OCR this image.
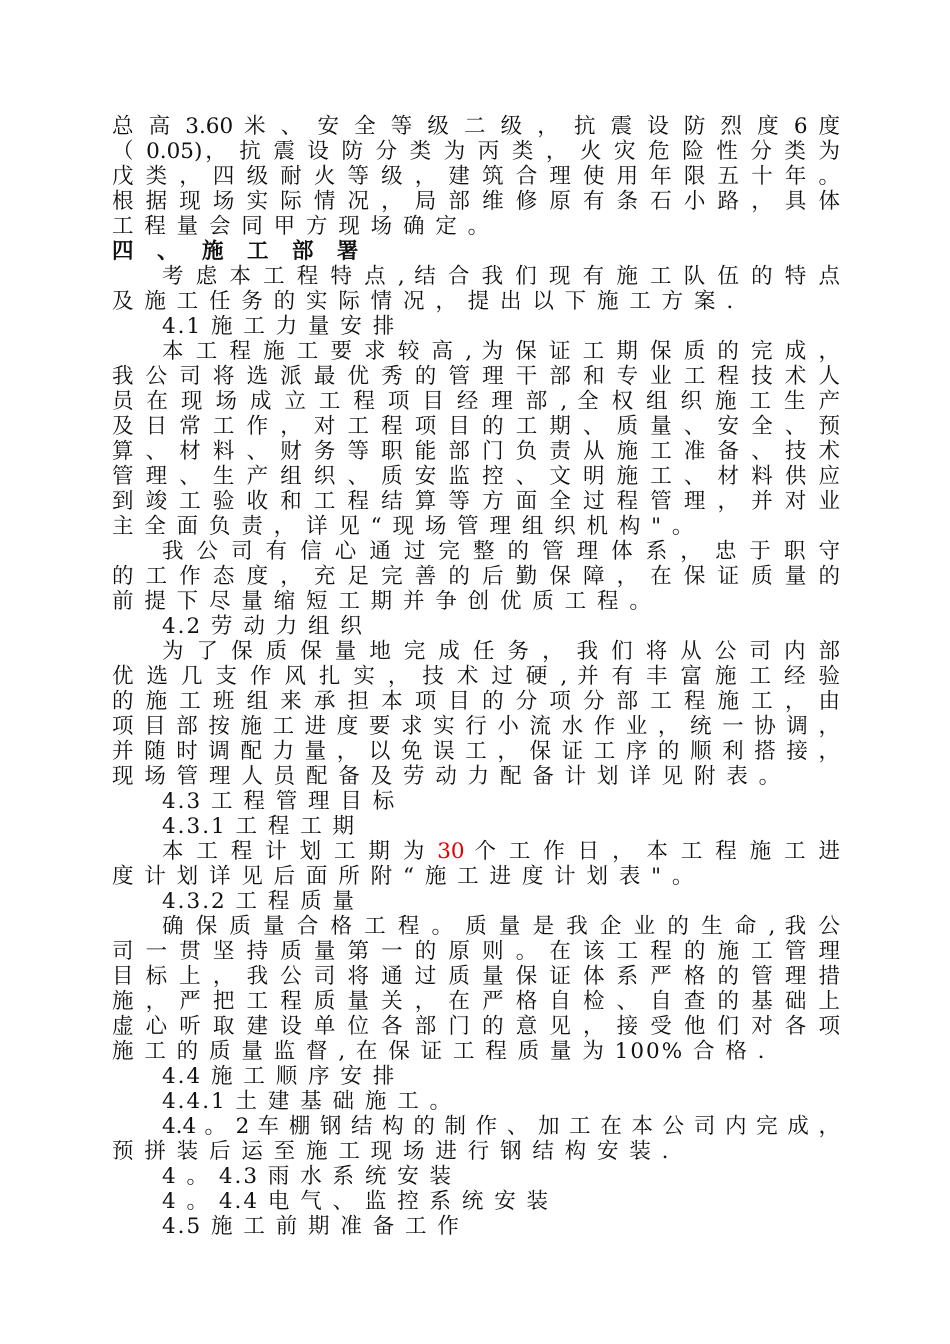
总 高 3.60 米 、 安 全 等 级 二 级 ， 抗 震 设 防 烈 度 6 度
（ 0.05)， 抗 震 设 防 分 类 为 丙 类 ， 火 灾 危 险 性 分 类 为
戊 类 ， 四 级 耐 火 等 级 ， 建 筑 合 理 使 用 年 限 五 十 年 。
根 据 现 场 实 际 情 况 ， 局 部 维 修 原 有 条 石 小 路 ， 具 体
工 程 量 会 同 甲 方 现 场 确 定 。
四 、 施 工 部 署
考 虑 本 工 程 特 点 , 结 合 我 们 现 有 施 工 队 伍 的 特 点
及 施 工 任 务 的 实 际 情 况 ， 提 出 以 下 施 工 方 案 .
4.1 施 工 力 量 安 排
本 工 程 施 工 要 求 较 高 , 为 保 证 工 期 保 质 的 完 成 ，
我 公 司 将 选 派 最 优 秀 的 管 理 干 部 和 专 业 工 程 技 术 人
员 在 现 场 成 立 工 程 项 目 经 理 部 , 全 权 组 织 施 工 生 产
及 日 常 工 作 ， 对 工 程 项 目 的 工 期 、 质 量 、 安 全 、 预
算 、 材 料 、 财 务 等 职 能 部 门 负 责 从 施 工 准 备 、 技 术
管 理 、 生 产 组 织 、 质 安 监 控 、 文 明 施 工 、 材 料 供 应
到 竣 工 验 收 和 工 程 结 算 等 方 面 全 过 程 管 理 ， 并 对 业
主 全 面 负 责 ， 详 见 “ 现 场 管 理 组 织 机 构 " 。
我 公 司 有 信 心 通 过 完 整 的 管 理 体 系 ， 忠 于 职 守
的 工 作 态 度 ， 充 足 完 善 的 后 勤 保 障 ， 在 保 证 质 量 的
前 提 下 尽 量 缩 短 工 期 并 争 创 优 质 工 程 。
4.2 劳 动 力 组 织
为 了 保 质 保 量 地 完 成 任 务 ， 我 们 将 从 公 司 内 部
优 选 几 支 作 风 扎 实 ， 技 术 过 硬 , 并 有 丰 富 施 工 经 验
的 施 工 班 组 来 承 担 本 项 目 的 分 项 分 部 工 程 施 工 ， 由
项 目 部 按 施 工 进 度 要 求 实 行 小 流 水 作 业 ， 统 一 协 调 ，
并 随 时 调 配 力 量 ， 以 免 误 工 ， 保 证 工 序 的 顺 利 搭 接 ，
现 场 管 理 人 员 配 备 及 劳 动 力 配 备 计 划 详 见 附 表 。
4.3 工 程 管 理 目 标
4.3.1 工 程 工 期
本 工 程 计 划 工 期 为 30 个 工 作 日 ， 本 工 程 施 工 进
度 计 划 详 见 后 面 所 附 “ 施 工 进 度 计 划 表 " 。
4.3.2 工 程 质 量
确 保 质 量 合 格 工 程 。 质 量 是 我 企 业 的 生 命 , 我 公
司 一 贯 坚 持 质 量 第 一 的 原 则 。 在 该 工 程 的 施 工 管 理
目 标 上 ， 我 公 司 将 通 过 质 量 保 证 体 系 严 格 的 管 理 措
施 ， 严 把 工 程 质 量 关 ， 在 严 格 自 检 、 自 查 的 基 础 上
虚 心 听 取 建 设 单 位 各 部 门 的 意 见 ， 接 受 他 们 对 各 项
施 工 的 质 量 监 督 , 在 保 证 工 程 质 量 为 100% 合 格 .
4.4 施 工 顺 序 安 排
4.4.1 土 建 基 础 施 工 。
4.4 。 2 车 棚 钢 结 构 的 制 作 、 加 工 在 本 公 司 内 完 成 ，
预 拼 装 后 运 至 施 工 现 场 进 行 钢 结 构 安 装 .
4 。 4.3 雨 水 系 统 安 装
4 。 4.4 电 气 、 监 控 系 统 安 装
4.5 施 工 前 期 准 备 工 作
